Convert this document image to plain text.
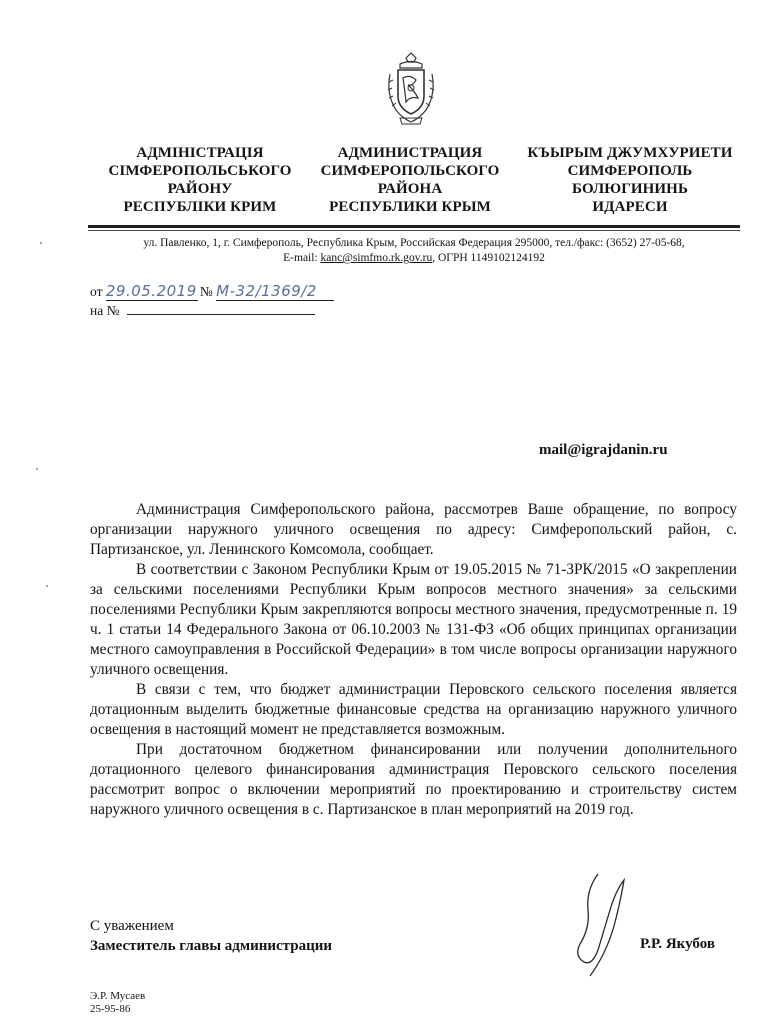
АДМІНІСТРАЦІЯ
СІМФЕРОПОЛЬСЬКОГО
РАЙОНУ
РЕСПУБЛІКИ КРИМ
АДМИНИСТРАЦИЯ
СИМФЕРОПОЛЬСКОГО
РАЙОНА
РЕСПУБЛИКИ КРЫМ
КЪЫРЫМ ДЖУМХУРИЕТИ
СИМФЕРОПОЛЬ
БОЛЮГИНИНЬ
ИДАРЕСИ
ул. Павленко, 1, г. Симферополь, Республика Крым, Российская Федерация 295000, тел./факс: (3652) 27-05-68,
E-mail: kanc@simfmo.rk.gov.ru, ОГРН 1149102124192
от 29.05.2019 № М-32/1369/2
на №
mail@igrajdanin.ru

Администрация Симферопольского района, рассмотрев Ваше обращение, по вопросу организации наружного уличного освещения по адресу: Симферопольский район, с. Партизанское, ул. Ленинского Комсомола, сообщает.

В соответствии с Законом Республики Крым от 19.05.2015 № 71-ЗРК/2015 «О закреплении за сельскими поселениями Республики Крым вопросов местного значения» за сельскими поселениями Республики Крым закрепляются вопросы местного значения, предусмотренные п. 19 ч. 1 статьи 14 Федерального Закона от 06.10.2003 № 131-ФЗ «Об общих принципах организации местного самоуправления в Российской Федерации» в том числе вопросы организации наружного уличного освещения.

В связи с тем, что бюджет администрации Перовского сельского поселения является дотационным выделить бюджетные финансовые средства на организацию наружного уличного освещения в настоящий момент не представляется возможным.

При достаточном бюджетном финансировании или получении дополнительного дотационного целевого финансирования администрация Перовского сельского поселения рассмотрит вопрос о включении мероприятий по проектированию и строительству систем наружного уличного освещения в с. Партизанское в план мероприятий на 2019 год.

С уважением
Заместитель главы администрации	Р.Р. Якубов
Э.Р. Мусаев
25-95-86
